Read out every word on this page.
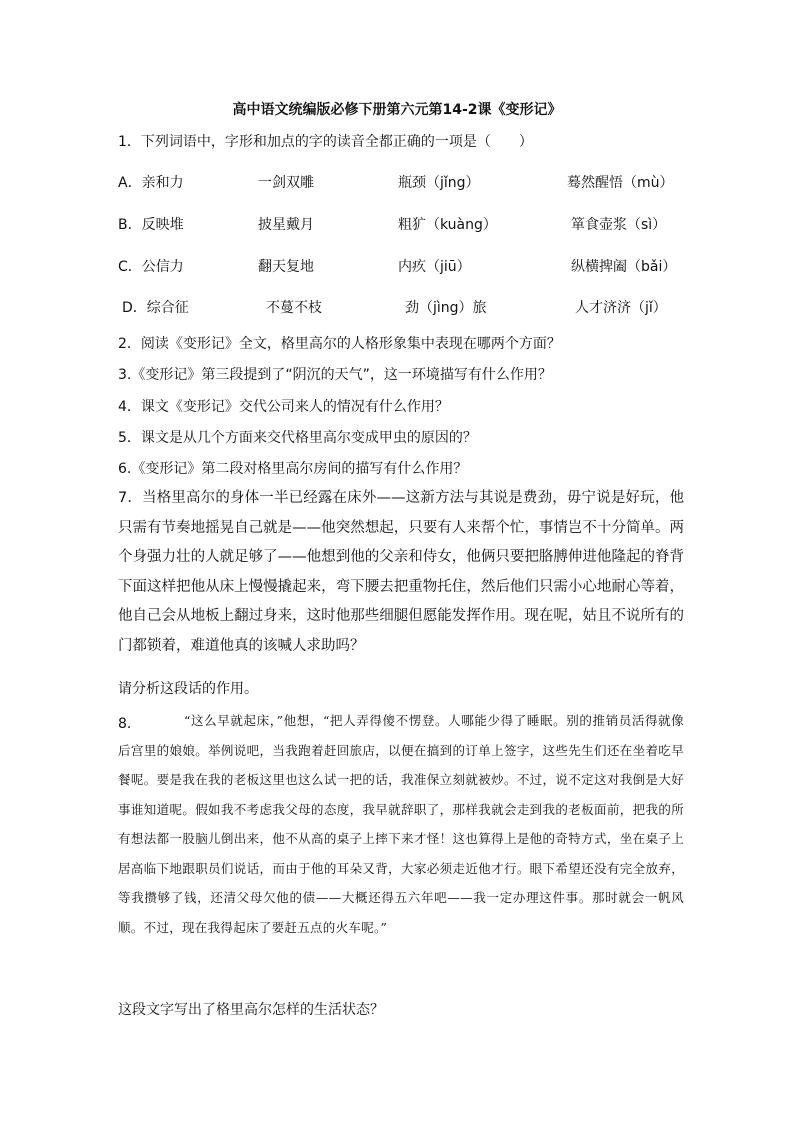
高中语文统编版必修下册第六元第14-2课《变形记》
1．下列词语中，字形和加点的字的读音全都正确的一项是（　　）
A．亲和力	一剑双雕	瓶颈（jǐng）	蓦然醒悟（mù）
B．反映堆	披星戴月	粗犷（kuàng）	箪食壶浆（sì）
C．公信力	翻天复地	内疚（jiū）	纵横捭阖（bǎi）
D．综合征	不蔓不枝	劲（jìng）旅	人才济济（jǐ）
2．阅读《变形记》全文，格里高尔的人格形象集中表现在哪两个方面？
3.《变形记》第三段提到了“阴沉的天气”，这一环境描写有什么作用？
4．课文《变形记》交代公司来人的情况有什么作用？
5．课文是从几个方面来交代格里高尔变成甲虫的原因的？
6.《变形记》第二段对格里高尔房间的描写有什么作用？
7．当格里高尔的身体一半已经露在床外——这新方法与其说是费劲，毋宁说是好玩，他只需有节奏地摇晃自己就是——他突然想起，只要有人来帮个忙，事情岂不十分简单。两个身强力壮的人就足够了——他想到他的父亲和侍女，他俩只要把胳膊伸进他隆起的脊背下面这样把他从床上慢慢撬起来，弯下腰去把重物托住，然后他们只需小心地耐心等着，他自己会从地板上翻过身来，这时他那些细腿但愿能发挥作用。现在呢，姑且不说所有的门都锁着，难道他真的该喊人求助吗？
请分析这段话的作用。
8．	“这么早就起床，”他想，“把人弄得傻不愣登。人哪能少得了睡眠。别的推销员活得就像后宫里的娘娘。举例说吧，当我跑着赶回旅店，以便在搞到的订单上签字，这些先生们还在坐着吃早餐呢。要是我在我的老板这里也这么试一把的话，我准保立刻就被炒。不过，说不定这对我倒是大好事谁知道呢。假如我不考虑我父母的态度，我早就辞职了，那样我就会走到我的老板面前，把我的所有想法都一股脑儿倒出来，他不从高的桌子上摔下来才怪！这也算得上是他的奇特方式，坐在桌子上居高临下地跟职员们说话，而由于他的耳朵又背，大家必须走近他才行。眼下希望还没有完全放弃，等我攒够了钱，还清父母欠他的债——大概还得五六年吧——我一定办理这件事。那时就会一帆风顺。不过，现在我得起床了要赶五点的火车呢。”
这段文字写出了格里高尔怎样的生活状态？
